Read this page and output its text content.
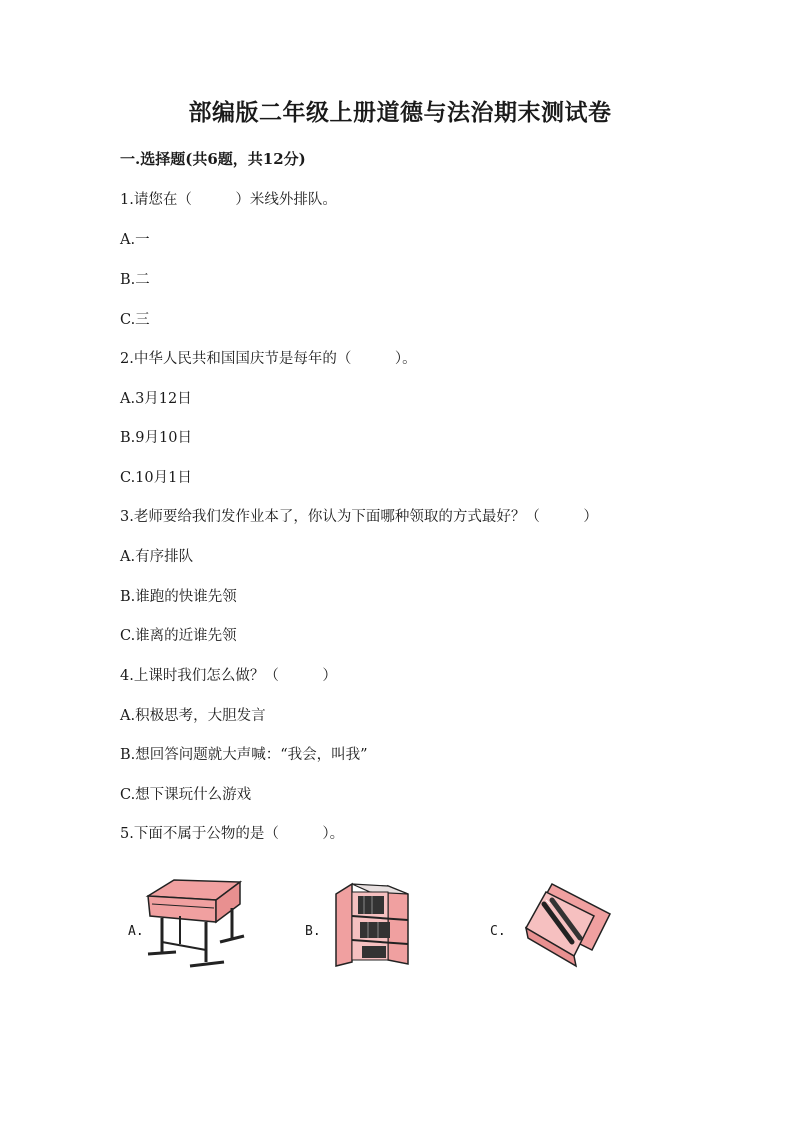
部编版二年级上册道德与法治期末测试卷
一.选择题(共6题，共12分)
1.请您在（　　　）米线外排队。
A.一
B.二
C.三
2.中华人民共和国国庆节是每年的（　　　）。
A.3月12日
B.9月10日
C.10月1日
3.老师要给我们发作业本了，你认为下面哪种领取的方式最好？（　　　）
A.有序排队
B.谁跑的快谁先领
C.谁离的近谁先领
4.上课时我们怎么做？（　　　）
A.积极思考，大胆发言
B.想回答问题就大声喊：“我会，叫我”
C.想下课玩什么游戏
5.下面不属于公物的是（　　　）。
A.	B.	C.
